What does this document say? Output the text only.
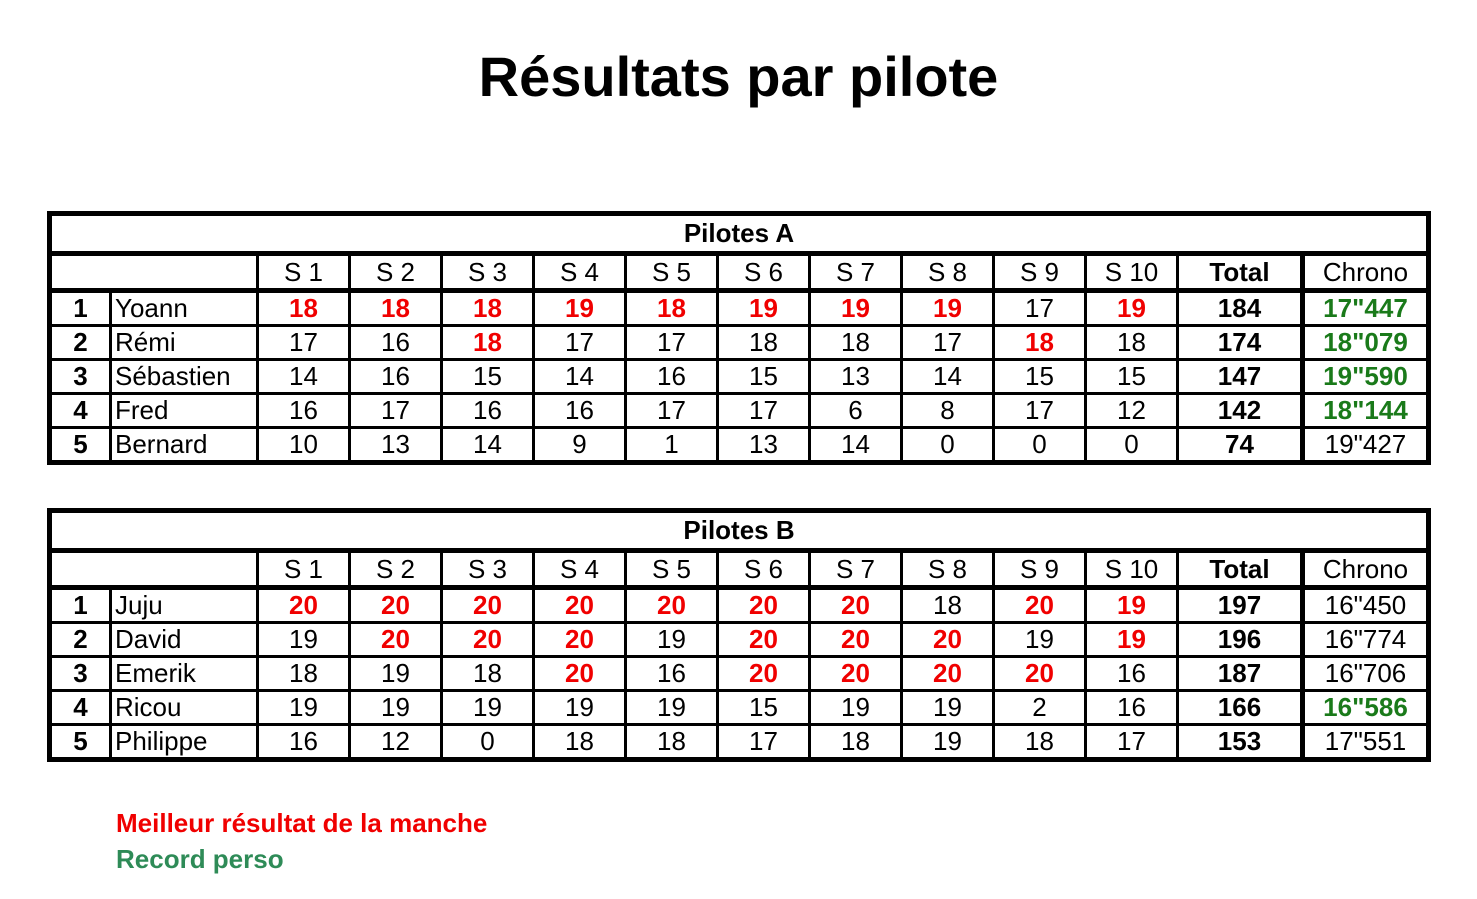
Résultats par pilote
Pilotes A													
		S 1	S 2	S 3	S 4	S 5	S 6	S 7	S 8	S 9	S 10	Total	Chrono
1	Yoann	18	18	18	19	18	19	19	19	17	19	184	17"447
2	Rémi	17	16	18	17	17	18	18	17	18	18	174	18"079
3	Sébastien	14	16	15	14	16	15	13	14	15	15	147	19"590
4	Fred	16	17	16	16	17	17	6	8	17	12	142	18"144
5	Bernard	10	13	14	9	1	13	14	0	0	0	74	19"427
Pilotes B													
		S 1	S 2	S 3	S 4	S 5	S 6	S 7	S 8	S 9	S 10	Total	Chrono
1	Juju	20	20	20	20	20	20	20	18	20	19	197	16"450
2	David	19	20	20	20	19	20	20	20	19	19	196	16"774
3	Emerik	18	19	18	20	16	20	20	20	20	16	187	16"706
4	Ricou	19	19	19	19	19	15	19	19	2	16	166	16"586
5	Philippe	16	12	0	18	18	17	18	19	18	17	153	17"551
Meilleur résultat de la manche
Record perso
